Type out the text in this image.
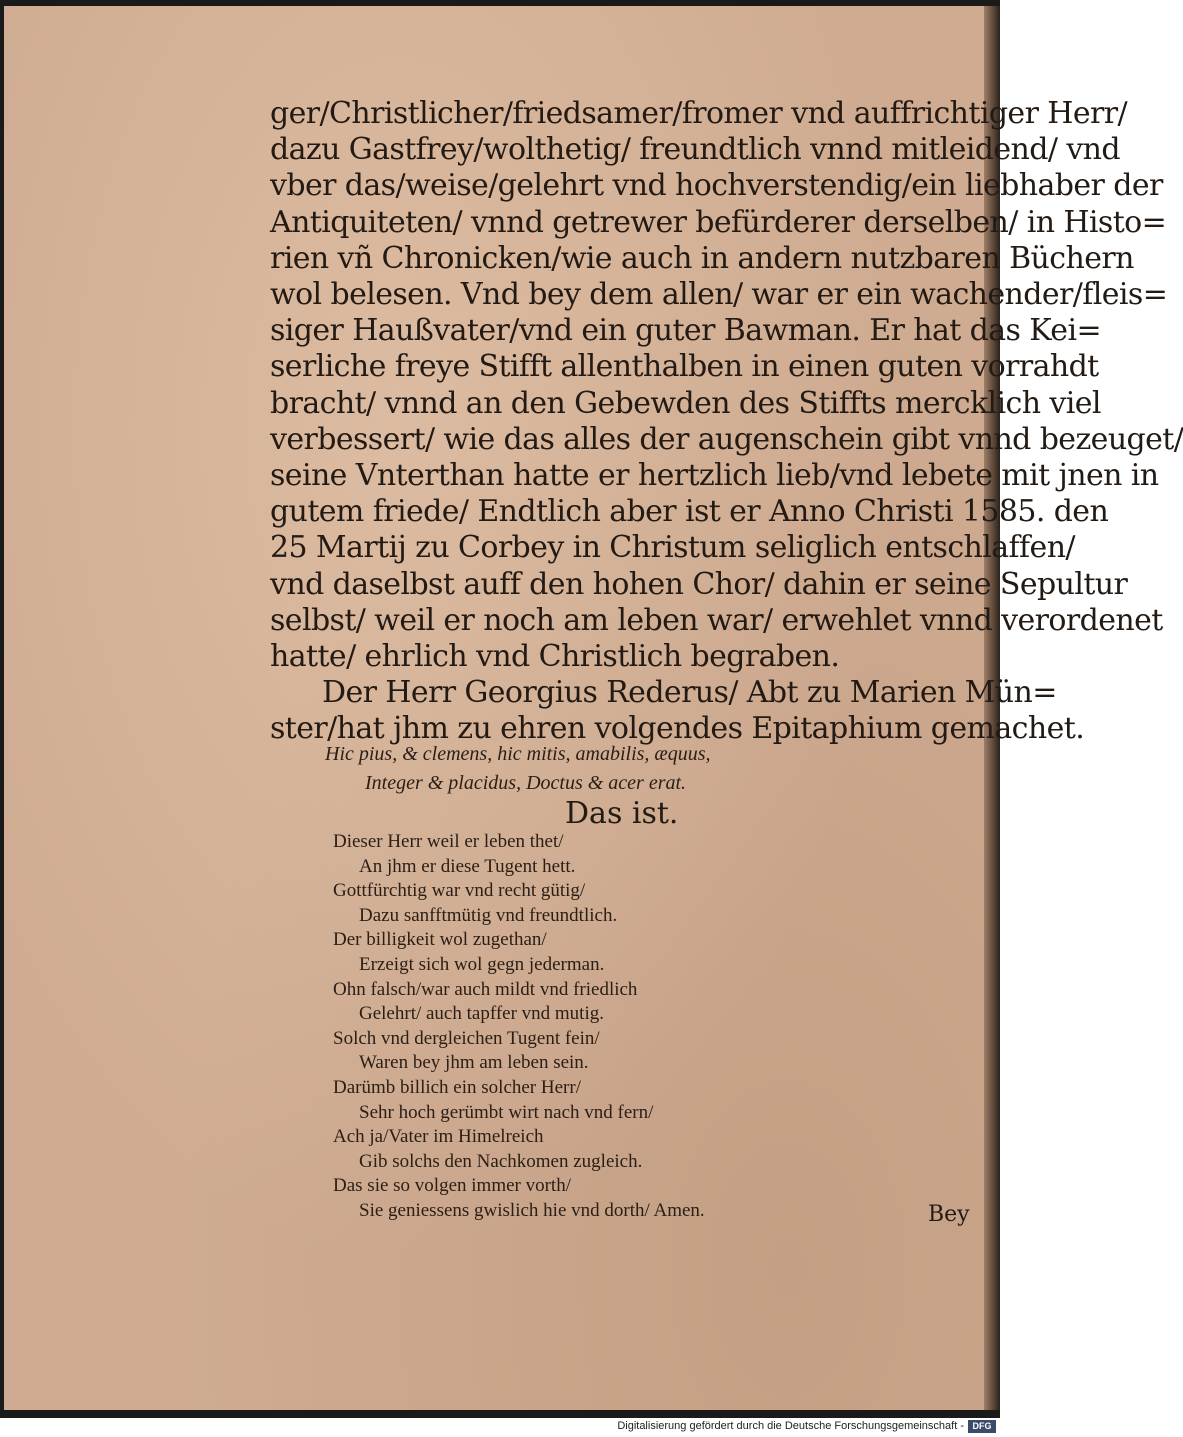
ger/Christlicher/friedsamer/fromer vnd auffrichtiger Herr/
dazu Gastfrey/wolthetig/ freundtlich vnnd mitleidend/ vnd
vber das/weise/gelehrt vnd hochverstendig/ein liebhaber der
Antiquiteten/ vnnd getrewer befürderer derselben/ in Histo=
rien vñ Chronicken/wie auch in andern nutzbaren Büchern
wol belesen. Vnd bey dem allen/ war er ein wachender/fleis=
siger Haußvater/vnd ein guter Bawman. Er hat das Kei=
serliche freye Stifft allenthalben in einen guten vorrahdt
bracht/ vnnd an den Gebewden des Stiffts mercklich viel
verbessert/ wie das alles der augenschein gibt vnnd bezeuget/
seine Vnterthan hatte er hertzlich lieb/vnd lebete mit jnen in
gutem friede/ Endtlich aber ist er Anno Christi 1585. den
25 Martij zu Corbey in Christum seliglich entschlaffen/
vnd daselbst auff den hohen Chor/ dahin er seine Sepultur
selbst/ weil er noch am leben war/ erwehlet vnnd verordenet
hatte/ ehrlich vnd Christlich begraben.
Der Herr Georgius Rederus/ Abt zu Marien Mün=
ster/hat jhm zu ehren volgendes Epitaphium gemachet.
Hic pius, & clemens, hic mitis, amabilis, æquus,
Integer & placidus, Doctus & acer erat.
Das ist.
Dieser Herr weil er leben thet/
An jhm er diese Tugent hett.
Gottfürchtig war vnd recht gütig/
Dazu sanfftmütig vnd freundtlich.
Der billigkeit wol zugethan/
Erzeigt sich wol gegn jederman.
Ohn falsch/war auch mildt vnd friedlich
Gelehrt/ auch tapffer vnd mutig.
Solch vnd dergleichen Tugent fein/
Waren bey jhm am leben sein.
Darümb billich ein solcher Herr/
Sehr hoch gerümbt wirt nach vnd fern/
Ach ja/Vater im Himelreich
Gib solchs den Nachkomen zugleich.
Das sie so volgen immer vorth/
Sie geniessens gwislich hie vnd dorth/ Amen.	Bey
Digitalisierung gefördert durch die Deutsche Forschungsgemeinschaft - DFG
